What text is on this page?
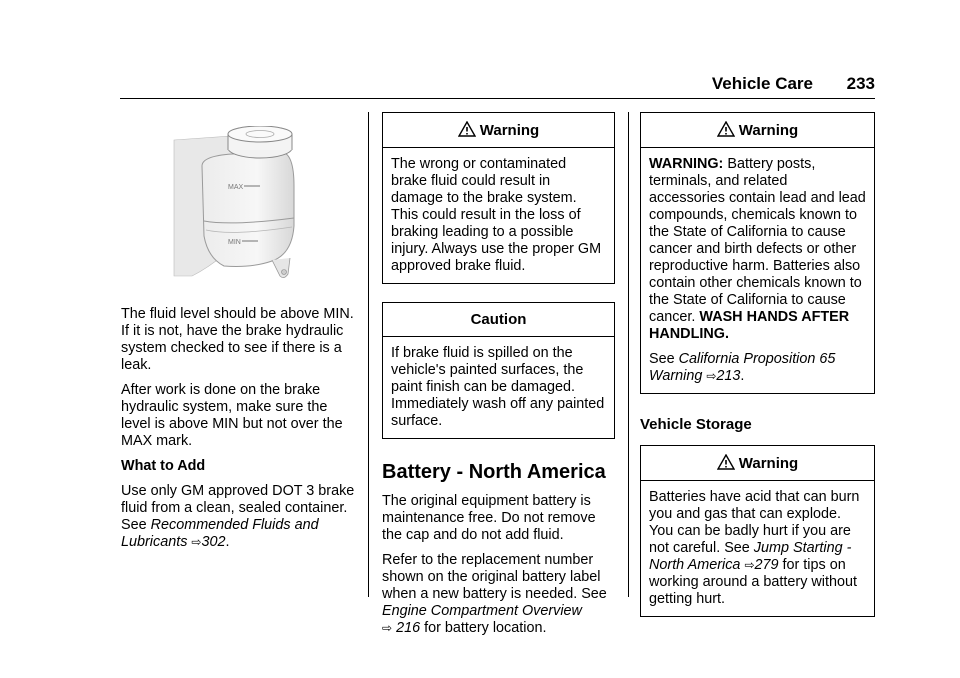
Vehicle Care 233
MAX
MIN

The fluid level should be above MIN. If it is not, have the brake hydraulic system checked to see if there is a leak.

After work is done on the brake hydraulic system, make sure the level is above MIN but not over the MAX mark.

What to Add

Use only GM approved DOT 3 brake fluid from a clean, sealed container. See Recommended Fluids and Lubricants ⇨302.

Warning

The wrong or contaminated brake fluid could result in damage to the brake system. This could result in the loss of braking leading to a possible injury. Always use the proper GM approved brake fluid.

Caution

If brake fluid is spilled on the vehicle's painted surfaces, the paint finish can be damaged. Immediately wash off any painted surface.

Battery - North America

The original equipment battery is maintenance free. Do not remove the cap and do not add fluid.

Refer to the replacement number shown on the original battery label when a new battery is needed. See Engine Compartment Overview
⇨ 216 for battery location.

Warning

WARNING: Battery posts, terminals, and related accessories contain lead and lead compounds, chemicals known to the State of California to cause cancer and birth defects or other reproductive harm. Batteries also contain other chemicals known to the State of California to cause cancer. WASH HANDS AFTER HANDLING.

See California Proposition 65 Warning ⇨213.

Vehicle Storage
Warning

Batteries have acid that can burn you and gas that can explode. You can be badly hurt if you are not careful. See Jump Starting - North America ⇨279 for tips on working around a battery without getting hurt.
